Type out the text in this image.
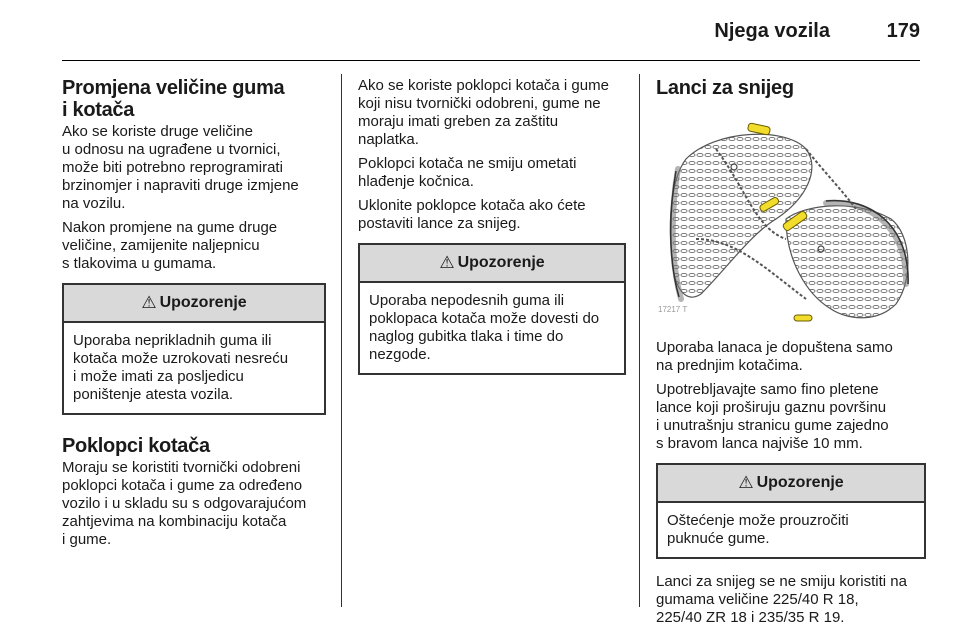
Njega vozila	179
Promjena veličine guma
i kotača

Ako se koriste druge veličine
u odnosu na ugrađene u tvornici,
može biti potrebno reprogramirati
brzinomjer i napraviti druge izmjene
na vozilu.

Nakon promjene na gume druge
veličine, zamijenite naljepnicu
s tlakovima u gumama.

⚠ Upozorenje
Uporaba neprikladnih guma ili
kotača može uzrokovati nesreću
i može imati za posljedicu
poništenje atesta vozila.
Poklopci kotača

Moraju se koristiti tvornički odobreni
poklopci kotača i gume za određeno
vozilo i u skladu su s odgovarajućom
zahtjevima na kombinaciju kotača
i gume.

Ako se koriste poklopci kotača i gume
koji nisu tvornički odobreni, gume ne
moraju imati greben za zaštitu
naplatka.

Poklopci kotača ne smiju ometati
hlađenje kočnica.

Uklonite poklopce kotača ako ćete
postaviti lance za snijeg.

⚠ Upozorenje
Uporaba nepodesnih guma ili
poklopaca kotača može dovesti do
naglog gubitka tlaka i time do
nezgode.
Lanci za snijeg
17217 T

Uporaba lanaca je dopuštena samo
na prednjim kotačima.

Upotrebljavajte samo fino pletene
lance koji proširuju gaznu površinu
i unutrašnju stranicu gume zajedno
s bravom lanca najviše 10 mm.

⚠ Upozorenje
Oštećenje može prouzročiti
puknuće gume.

Lanci za snijeg se ne smiju koristiti na
gumama veličine 225/40 R 18,
225/40 ZR 18 i 235/35 R 19.
